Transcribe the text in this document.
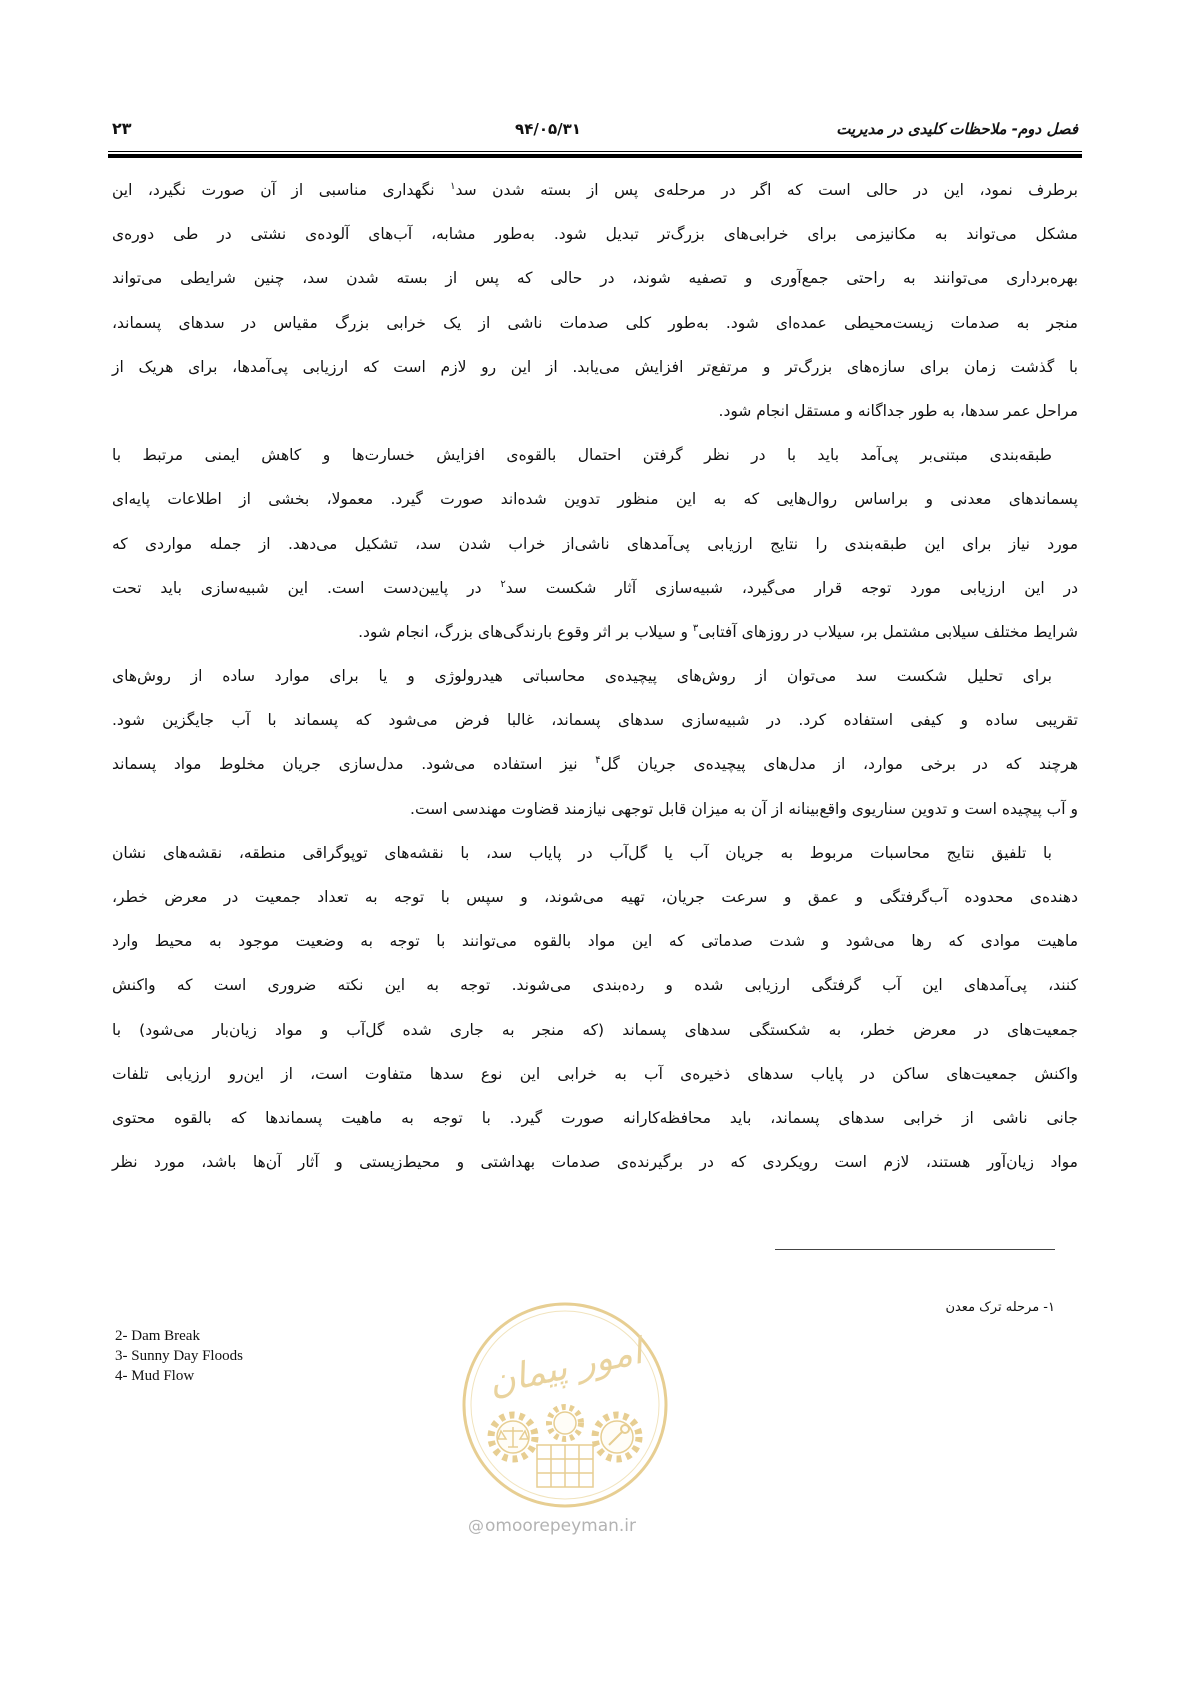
فصل دوم- ملاحظات کلیدی در مدیریت
۹۴/۰۵/۳۱
۲۳
برطرف نمود، این در حالی است که اگر در مرحله‌ی پس از بسته شدن سد$^۱$ نگهداری مناسبی از آن صورت نگیرد، این
مشکل می‌تواند به مکانیزمی برای خرابی‌های بزرگ‌تر تبدیل شود. به‌طور مشابه، آب‌های آلوده‌ی نشتی در طی دوره‌ی
بهره‌برداری می‌توانند به راحتی جمع‌آوری و تصفیه شوند، در حالی که پس از بسته شدن سد، چنین شرایطی می‌تواند
منجر به صدمات زیست‌محیطی عمده‌ای شود. به‌طور کلی صدمات ناشی از یک خرابی بزرگ مقیاس در سدهای پسماند،
با گذشت زمان برای سازه‌های بزرگ‌تر و مرتفع‌تر افزایش می‌یابد. از این رو لازم است که ارزیابی پی‌آمدها، برای هریک از
مراحل عمر سدها، به طور جداگانه و مستقل انجام شود.
طبقه‌بندی مبتنی‌بر پی‌آمد باید با در نظر گرفتن احتمال بالقوه‌ی افزایش خسارت‌ها و کاهش ایمنی مرتبط با
پسماندهای معدنی و براساس روال‌هایی که به این منظور تدوین شده‌اند صورت گیرد. معمولا، بخشی از اطلاعات پایه‌ای
مورد نیاز برای این طبقه‌بندی را نتایج ارزیابی پی‌آمدهای ناشی‌از خراب شدن سد، تشکیل می‌دهد. از جمله مواردی که
در این ارزیابی مورد توجه قرار می‌گیرد، شبیه‌سازی آثار شکست سد$^۲$ در پایین‌دست است. این شبیه‌سازی باید تحت
شرایط مختلف سیلابی مشتمل بر، سیلاب در روزهای آفتابی$^۳$ و سیلاب بر اثر وقوع بارندگی‌های بزرگ، انجام شود.
برای تحلیل شکست سد می‌توان از روش‌های پیچیده‌ی محاسباتی هیدرولوژی و یا برای موارد ساده از روش‌های
تقریبی ساده و کیفی استفاده کرد. در شبیه‌سازی سدهای پسماند، غالبا فرض می‌شود که پسماند با آب جایگزین شود.
هرچند که در برخی موارد، از مدل‌های پیچیده‌ی جریان گل$^۴$ نیز استفاده می‌شود. مدل‌سازی جریان مخلوط مواد پسماند
و آب پیچیده است و تدوین سناریوی واقع‌بینانه از آن به میزان قابل توجهی نیازمند قضاوت مهندسی است.
با تلفیق نتایج محاسبات مربوط به جریان آب یا گل‌آب در پایاب سد، با نقشه‌های توپوگراقی منطقه، نقشه‌های نشان
دهنده‌ی محدوده آب‌گرفتگی و عمق و سرعت جریان، تهیه می‌شوند، و سپس با توجه به تعداد جمعیت در معرض خطر،
ماهیت موادی که رها می‌شود و شدت صدماتی که این مواد بالقوه می‌توانند با توجه به وضعیت موجود به محیط وارد
کنند، پی‌آمدهای این آب گرفتگی ارزیابی شده و رده‌بندی می‌شوند. توجه به این نکته ضروری است که واکنش
جمعیت‌های در معرض خطر، به شکستگی سدهای پسماند (که منجر به جاری شده گل‌آب و مواد زیان‌بار می‌شود) با
واکنش جمعیت‌های ساکن در پایاب سدهای ذخیره‌ی آب به خرابی این نوع سدها متفاوت است، از این‌رو ارزیابی تلفات
جانی ناشی از خرابی سدهای پسماند، باید محافظه‌کارانه صورت گیرد. با توجه به ماهیت پسماندها که بالقوه محتوی
مواد زیان‌آور هستند، لازم است رویکردی که در برگیرنده‌ی صدمات بهداشتی و محیط‌زیستی و آثار آن‌ها باشد، مورد نظر
۱- مرحله ترک معدن
2- Dam Break
3- Sunny Day Floods
4- Mud Flow	امور پیمان
@ omoorepeyman.ir
